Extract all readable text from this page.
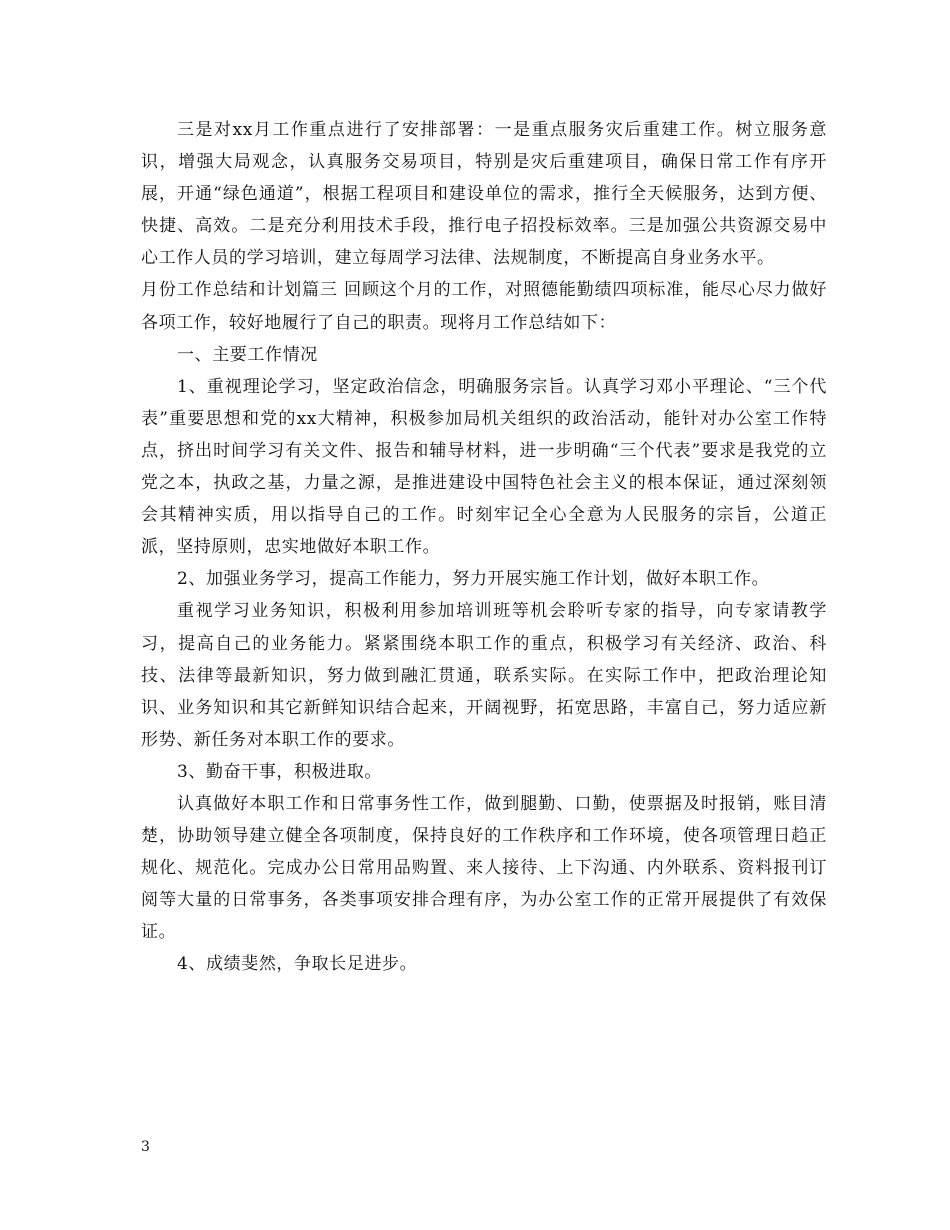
三是对xx月工作重点进行了安排部署：一是重点服务灾后重建工作。树立服务意识，增强大局观念，认真服务交易项目，特别是灾后重建项目，确保日常工作有序开展，开通“绿色通道”，根据工程项目和建设单位的需求，推行全天候服务，达到方便、快捷、高效。二是充分利用技术手段，推行电子招投标效率。三是加强公共资源交易中心工作人员的学习培训，建立每周学习法律、法规制度，不断提高自身业务水平。

月份工作总结和计划篇三 回顾这个月的工作，对照德能勤绩四项标准，能尽心尽力做好各项工作，较好地履行了自己的职责。现将月工作总结如下：

一、主要工作情况

1、重视理论学习，坚定政治信念，明确服务宗旨。认真学习邓小平理论、“三个代表”重要思想和党的xx大精神，积极参加局机关组织的政治活动，能针对办公室工作特点，挤出时间学习有关文件、报告和辅导材料，进一步明确“三个代表”要求是我党的立党之本，执政之基，力量之源，是推进建设中国特色社会主义的根本保证，通过深刻领会其精神实质，用以指导自己的工作。时刻牢记全心全意为人民服务的宗旨，公道正派，坚持原则，忠实地做好本职工作。

2、加强业务学习，提高工作能力，努力开展实施工作计划，做好本职工作。

重视学习业务知识，积极利用参加培训班等机会聆听专家的指导，向专家请教学习，提高自己的业务能力。紧紧围绕本职工作的重点，积极学习有关经济、政治、科技、法律等最新知识，努力做到融汇贯通，联系实际。在实际工作中，把政治理论知识、业务知识和其它新鲜知识结合起来，开阔视野，拓宽思路，丰富自己，努力适应新形势、新任务对本职工作的要求。

3、勤奋干事，积极进取。

认真做好本职工作和日常事务性工作，做到腿勤、口勤，使票据及时报销，账目清楚，协助领导建立健全各项制度，保持良好的工作秩序和工作环境，使各项管理日趋正规化、规范化。完成办公日常用品购置、来人接待、上下沟通、内外联系、资料报刊订阅等大量的日常事务，各类事项安排合理有序，为办公室工作的正常开展提供了有效保证。

4、成绩斐然，争取长足进步。

3
